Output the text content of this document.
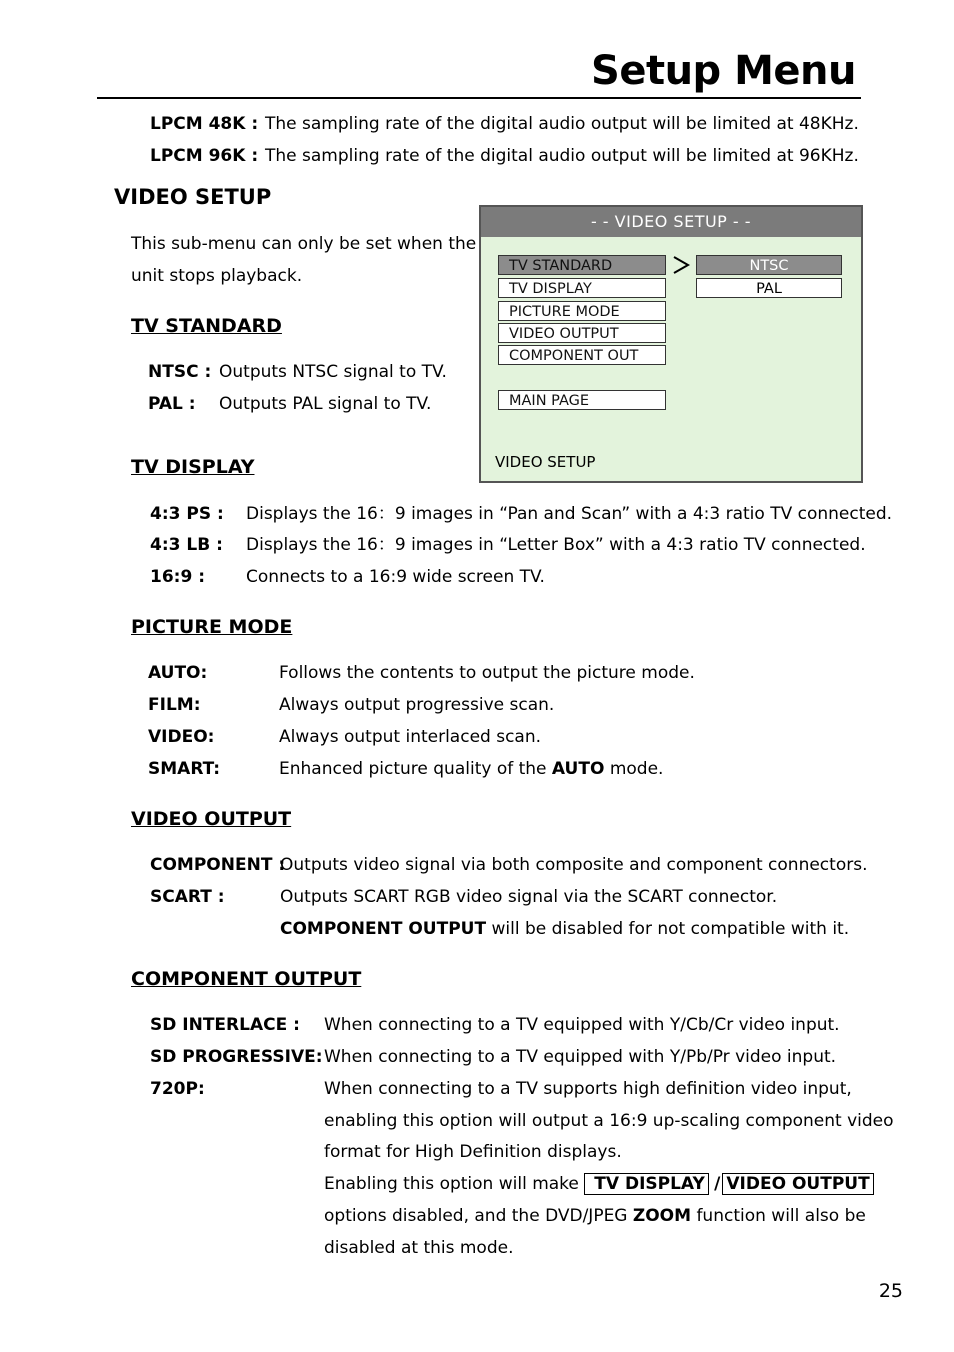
Setup Menu
LPCM 48K : The sampling rate of the digital audio output will be limited at 48KHz.
LPCM 96K : The sampling rate of the digital audio output will be limited at 96KHz.
VIDEO SETUP
This sub-menu can only be set when the
unit stops playback.
- - VIDEO SETUP - -
TV STANDARD
TV DISPLAY
PICTURE MODE
VIDEO OUTPUT
COMPONENT OUT
MAIN PAGE
NTSC
PAL
VIDEO SETUP
TV STANDARD
NTSC : Outputs NTSC signal to TV.
PAL : Outputs PAL signal to TV.
TV DISPLAY
4:3 PS : Displays the 16：9 images in “Pan and Scan” with a 4:3 ratio TV connected.
4:3 LB : Displays the 16：9 images in “Letter Box” with a 4:3 ratio TV connected.
16:9 : Connects to a 16:9 wide screen TV.
PICTURE MODE
AUTO:	Follows the contents to output the picture mode.
FILM:	Always output progressive scan.
VIDEO:	Always output interlaced scan.
SMART:	Enhanced picture quality of the AUTO mode.
VIDEO OUTPUT
COMPONENT :
Outputs video signal via both composite and component connectors.
SCART :	Outputs SCART RGB video signal via the SCART connector.
COMPONENT OUTPUT will be disabled for not compatible with it.
COMPONENT OUTPUT
SD INTERLACE : When connecting to a TV equipped with Y/Cb/Cr video input.
SD PROGRESSIVE: When connecting to a TV equipped with Y/Pb/Pr video input.
720P:	When connecting to a TV supports high definition video input,
enabling this option will output a 16:9 up-scaling component video
format for High Definition displays.
Enabling this option will make TV DISPLAY / VIDEO OUTPUT
options disabled, and the DVD/JPEG ZOOM function will also be
disabled at this mode.
25
